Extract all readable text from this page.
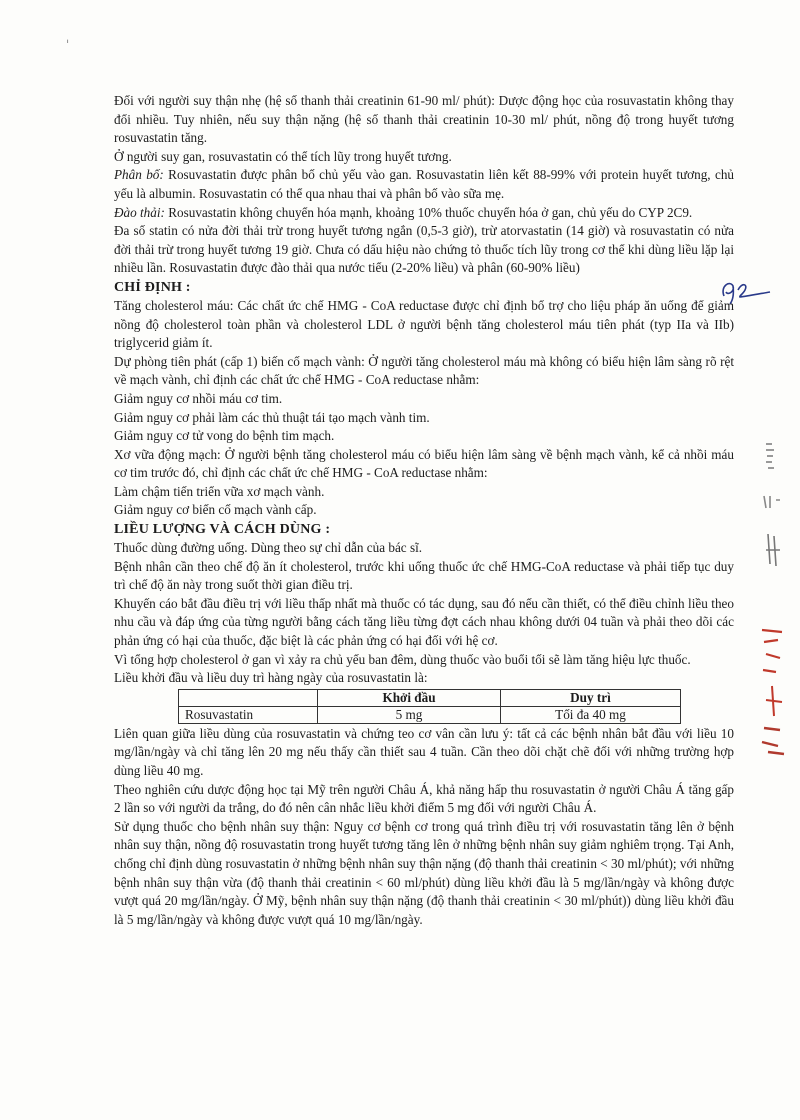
ˌ

Đối với người suy thận nhẹ (hệ số thanh thải creatinin 61-90 ml/ phút): Dược động học của rosuvastatin không thay đổi nhiều. Tuy nhiên, nếu suy thận nặng (hệ số thanh thải creatinin 10-30 ml/ phút, nồng độ trong huyết tương rosuvastatin tăng.

Ở người suy gan, rosuvastatin có thể tích lũy trong huyết tương.

Phân bố: Rosuvastatin được phân bố chủ yếu vào gan. Rosuvastatin liên kết 88-99% với protein huyết tương, chủ yếu là albumin. Rosuvastatin có thể qua nhau thai và phân bố vào sữa mẹ.

Đào thải: Rosuvastatin không chuyển hóa mạnh, khoảng 10% thuốc chuyển hóa ở gan, chủ yếu do CYP 2C9.

Đa số statin có nửa đời thải trừ trong huyết tương ngắn (0,5-3 giờ), trừ atorvastatin (14 giờ) và rosuvastatin có nửa đời thải trừ trong huyết tương 19 giờ. Chưa có dấu hiệu nào chứng tỏ thuốc tích lũy trong cơ thể khi dùng liều lặp lại nhiều lần. Rosuvastatin được đào thải qua nước tiểu (2-20% liều) và phân (60-90% liều)

CHỈ ĐỊNH :

Tăng cholesterol máu: Các chất ức chế HMG - CoA reductase được chỉ định bổ trợ cho liệu pháp ăn uống để giảm nồng độ cholesterol toàn phần và cholesterol LDL ở người bệnh tăng cholesterol máu tiên phát (typ IIa và IIb) triglycerid giảm ít.

Dự phòng tiên phát (cấp 1) biến cố mạch vành: Ở người tăng cholesterol máu mà không có biểu hiện lâm sàng rõ rệt về mạch vành, chỉ định các chất ức chế HMG - CoA reductase nhằm:

Giảm nguy cơ nhồi máu cơ tim.

Giảm nguy cơ phải làm các thủ thuật tái tạo mạch vành tim.

Giảm nguy cơ tử vong do bệnh tim mạch.

Xơ vữa động mạch: Ở người bệnh tăng cholesterol máu có biểu hiện lâm sàng về bệnh mạch vành, kể cả nhồi máu cơ tim trước đó, chỉ định các chất ức chế HMG - CoA reductase nhằm:

Làm chậm tiến triển vữa xơ mạch vành.

Giảm nguy cơ biến cố mạch vành cấp.

LIỀU LƯỢNG VÀ CÁCH DÙNG :

Thuốc dùng đường uống. Dùng theo sự chỉ dẫn của bác sĩ.

Bệnh nhân cần theo chế độ ăn ít cholesterol, trước khi uống thuốc ức chế HMG-CoA reductase và phải tiếp tục duy trì chế độ ăn này trong suốt thời gian điều trị.

Khuyến cáo bắt đầu điều trị với liều thấp nhất mà thuốc có tác dụng, sau đó nếu cần thiết, có thể điều chỉnh liều theo nhu cầu và đáp ứng của từng người bằng cách tăng liều từng đợt cách nhau không dưới 04 tuần và phải theo dõi các phản ứng có hại của thuốc, đặc biệt là các phản ứng có hại đối với hệ cơ.

Vì tổng hợp cholesterol ở gan vì xảy ra chủ yếu ban đêm, dùng thuốc vào buổi tối sẽ làm tăng hiệu lực thuốc.

Liều khởi đầu và liều duy trì hàng ngày của rosuvastatin là:

	Khởi đầu	Duy trì
Rosuvastatin	5 mg	Tối đa 40 mg

Liên quan giữa liều dùng của rosuvastatin và chứng teo cơ vân cần lưu ý: tất cả các bệnh nhân bắt đầu với liều 10 mg/lần/ngày và chỉ tăng lên 20 mg nếu thấy cần thiết sau 4 tuần. Cần theo dõi chặt chẽ đối với những trường hợp dùng liều 40 mg.

Theo nghiên cứu dược động học tại Mỹ trên người Châu Á, khả năng hấp thu rosuvastatin ở người Châu Á tăng gấp 2 lần so với người da trắng, do đó nên cân nhắc liều khởi điểm 5 mg đối với người Châu Á.

Sử dụng thuốc cho bệnh nhân suy thận: Nguy cơ bệnh cơ trong quá trình điều trị với rosuvastatin tăng lên ở bệnh nhân suy thận, nồng độ rosuvastatin trong huyết tương tăng lên ở những bệnh nhân suy giảm nghiêm trọng. Tại Anh, chống chỉ định dùng rosuvastatin ở những bệnh nhân suy thận nặng (độ thanh thải creatinin < 30 ml/phút); với những bệnh nhân suy thận vừa (độ thanh thải creatinin < 60 ml/phút) dùng liều khởi đầu là 5 mg/lần/ngày và không được vượt quá 20 mg/lần/ngày. Ở Mỹ, bệnh nhân suy thận nặng (độ thanh thải creatinin < 30 ml/phút)) dùng liều khởi đầu là 5 mg/lần/ngày và không được vượt quá 10 mg/lần/ngày.
